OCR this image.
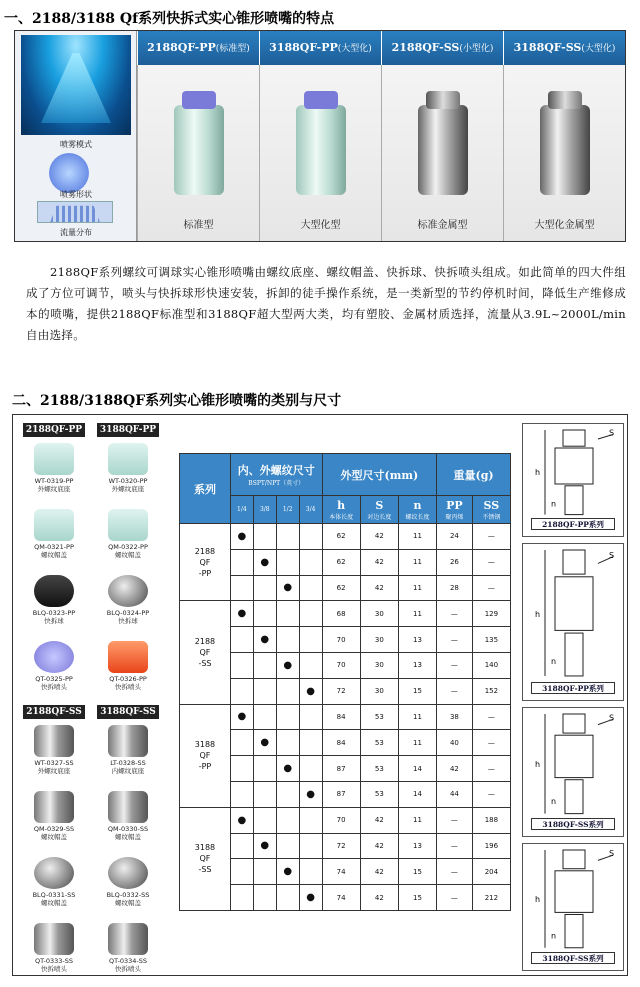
一、2188/3188 Qf系列快拆式实心锥形喷嘴的特点
喷雾模式
喷雾形状
流量分布
2188QF-PP(标准型)
标准型
3188QF-PP(大型化)
大型化型
2188QF-SS(小型化)
标准金属型
3188QF-SS(大型化)
大型化金属型
2188QF系列螺纹可调球实心锥形喷嘴由螺纹底座、螺纹帽盖、快拆球、快拆喷头组成。如此简单的四大件组成了方位可调节，喷头与快拆球形快速安装，拆卸的徒手操作系统，是一类新型的节约停机时间，降低生产维修成本的喷嘴，提供2188QF标准型和3188QF超大型两大类，均有塑胶、金属材质选择，流量从3.9L~2000L/min自由选择。
二、2188/3188QF系列实心锥形喷嘴的类别与尺寸
2188QF-PP	3188QF-PP
WT-0319-PP
外螺纹底座
WT-0320-PP
外螺纹底座
QM-0321-PP
螺纹帽盖
QM-0322-PP
螺纹帽盖
BLQ-0323-PP
快拆球
BLQ-0324-PP
快拆球
QT-0325-PP
快拆喷头
QT-0326-PP
快拆喷头
2188QF-SS	3188QF-SS
WT-0327-SS
外螺纹底座
LT-0328-SS
内螺纹底座
QM-0329-SS
螺纹帽盖
QM-0330-SS
螺纹帽盖
BLQ-0331-SS
螺纹帽盖
BLQ-0332-SS
螺纹帽盖
QT-0333-SS
快拆喷头
QT-0334-SS
快拆喷头
系列	内、外螺纹尺寸
BSPT/NPT（英寸）				外型尺寸(mm)			重量(g)	
	1/4	3/8	1/2	3/4	h
本体长度	S
对边长度	n
螺纹长度	PP
聚丙烯	SS
不锈钢

2188
QF
-PP	●				62	42	11	24	—
		●			62	42	11	26	—
			●		62	42	11	28	—

2188
QF
-SS	●				68	30	11	—	129
		●			70	30	13	—	135
			●		70	30	13	—	140
				●	72	30	15	—	152

3188
QF
-PP	●				84	53	11	38	—
		●			84	53	11	40	—
			●		87	53	14	42	—
				●	87	53	14	44	—

3188
QF
-SS	●				70	42	11	—	188
		●			72	42	13	—	196
			●		74	42	15	—	204
				●	74	42	15	—	212
h
S
n
2188QF-PP系列
h
S
n
3188QF-PP系列
h
S
n
3188QF-SS系列
h
S
n
3188QF-SS系列
